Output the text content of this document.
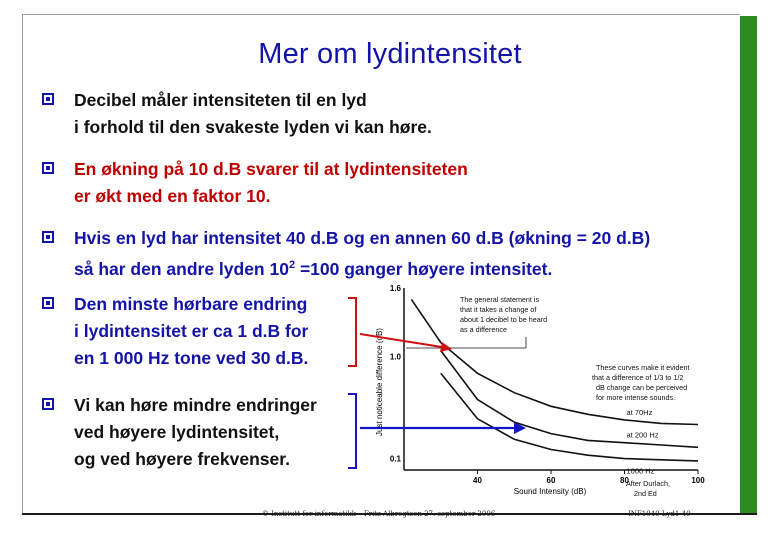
Mer om lydintensitet
Decibel måler intensiteten til en lyd
i forhold til den svakeste lyden vi kan høre.
En økning på 10 d.B svarer til at lydintensiteten
er økt med en faktor 10.
Hvis en lyd har intensitet 40 d.B og en annen 60 d.B (økning = 20 d.B)
så har den andre lyden $10^2 =100$ ganger høyere intensitet.
Den minste hørbare endring
i lydintensitet er ca 1 d.B for
en 1 000 Hz tone ved 30 d.B.
Vi kan høre mindre endringer
ved høyere lydintensitet,
og ved høyere frekvenser.
Just noticeable difference (dB)
Sound Intensity (dB)
40	60	80	100
1.6
1.0
0.1
The general statement is
that it takes a change of
about 1 decibel to be heard
as a difference
These curves make it evident
that a difference of 1/3 to 1/2
dB change can be perceived
for more intense sounds.
After Durlach,
2nd Ed
at 70Hz
at 200 Hz
1000 Hz
© Institutt for informatikk – Fritz Albregtsen 27. september 2006	INF1040-Lyd1-40
